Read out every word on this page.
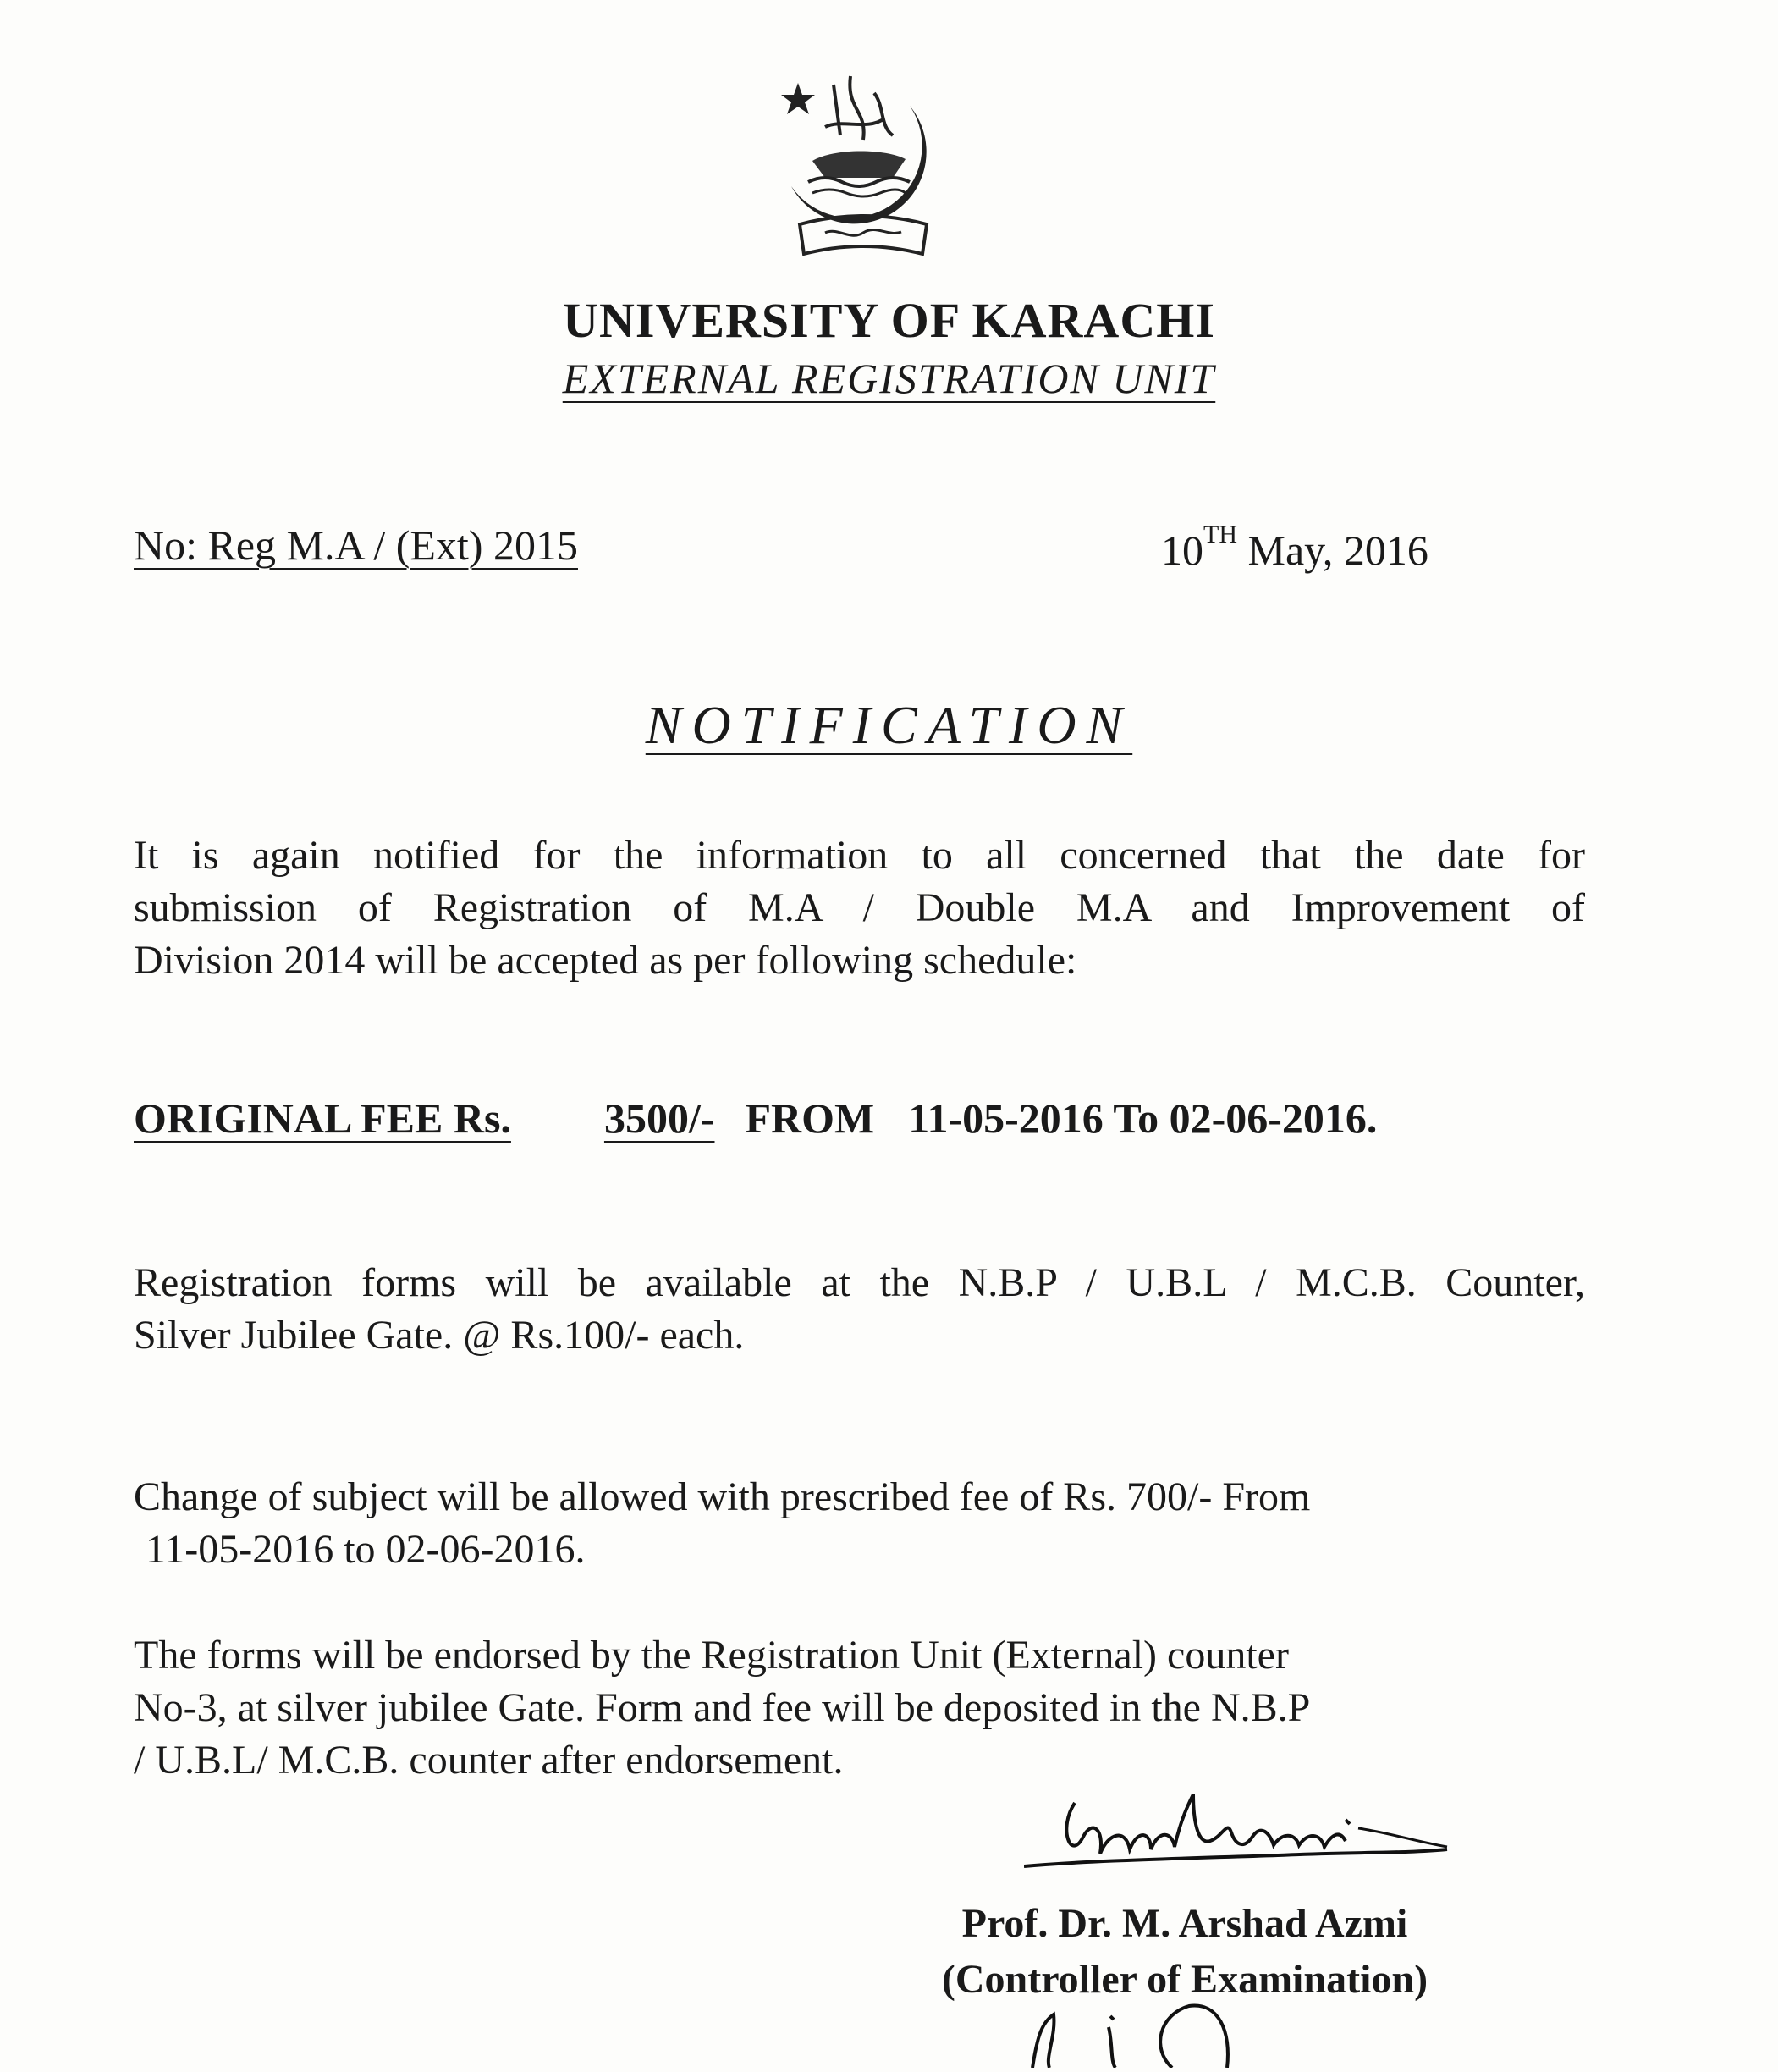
UNIVERSITY OF KARACHI
EXTERNAL REGISTRATION UNIT
No: Reg M.A / (Ext) 2015	10TH May, 2016
NOTIFICATION
It is again notified for the information to all concerned that the date for
submission of Registration of M.A / Double M.A and Improvement of
Division 2014 will be accepted as per following schedule:
ORIGINAL FEE Rs. 3500/- FROM 11-05-2016 To 02-06-2016.
Registration forms will be available at the N.B.P / U.B.L / M.C.B. Counter,
Silver Jubilee Gate. @ Rs.100/- each.
Change of subject will be allowed with prescribed fee of Rs. 700/- From
11-05-2016 to 02-06-2016.
The forms will be endorsed by the Registration Unit (External) counter
No-3, at silver jubilee Gate. Form and fee will be deposited in the N.B.P
/ U.B.L/ M.C.B. counter after endorsement.
Prof. Dr. M. Arshad Azmi
(Controller of Examination)
